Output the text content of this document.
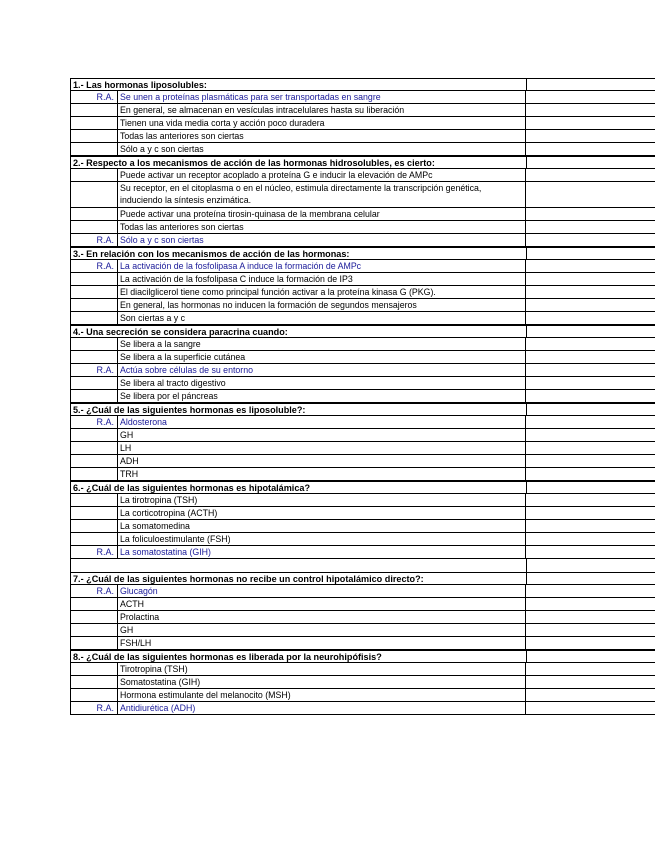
1.- Las hormonas liposolubles:
R.A. Se unen a proteínas plasmáticas para ser transportadas en sangre
En general, se almacenan en vesículas intracelulares hasta su liberación
Tienen una vida media corta y acción poco duradera
Todas las anteriores son ciertas
Sólo a y c son ciertas
2.- Respecto a los mecanismos de acción de las hormonas hidrosolubles, es cierto:
Puede activar un receptor acoplado a proteína G e inducir la elevación de AMPc
Su receptor, en el citoplasma o en el núcleo, estimula directamente la transcripción genética, induciendo la síntesis enzimática.
Puede activar una proteína tirosin-quinasa de la membrana celular
Todas las anteriores son ciertas
R.A. Sólo a y c son ciertas
3.- En relación con los mecanismos de acción de las hormonas:
R.A. La activación de la fosfolipasa A induce la formación de AMPc
La activación de la fosfolipasa C induce la formación de IP3
El diacilglicerol tiene como principal función activar a la proteína kinasa G (PKG).
En general, las hormonas no inducen la formación de segundos mensajeros
Son ciertas a y c
4.- Una secreción se considera paracrina cuando:
Se libera a la sangre
Se libera a la superficie cutánea
R.A. Actúa sobre células de su entorno
Se libera al tracto digestivo
Se libera por el páncreas
5.- ¿Cuál de las siguientes hormonas es liposoluble?:
R.A. Aldosterona
GH
LH
ADH
TRH
6.- ¿Cuál de las siguientes hormonas es hipotalámica?
La tirotropina (TSH)
La corticotropina (ACTH)
La somatomedina
La foliculoestimulante (FSH)
R.A. La somatostatina (GIH)
7.- ¿Cuál de las siguientes hormonas no recibe un control hipotalámico directo?:
R.A. Glucagón
ACTH
Prolactina
GH
FSH/LH
8.- ¿Cuál de las siguientes hormonas es liberada por la neurohipófisis?
Tirotropina (TSH)
Somatostatina (GIH)
Hormona estimulante del melanocito (MSH)
R.A. Antidiurética (ADH)
